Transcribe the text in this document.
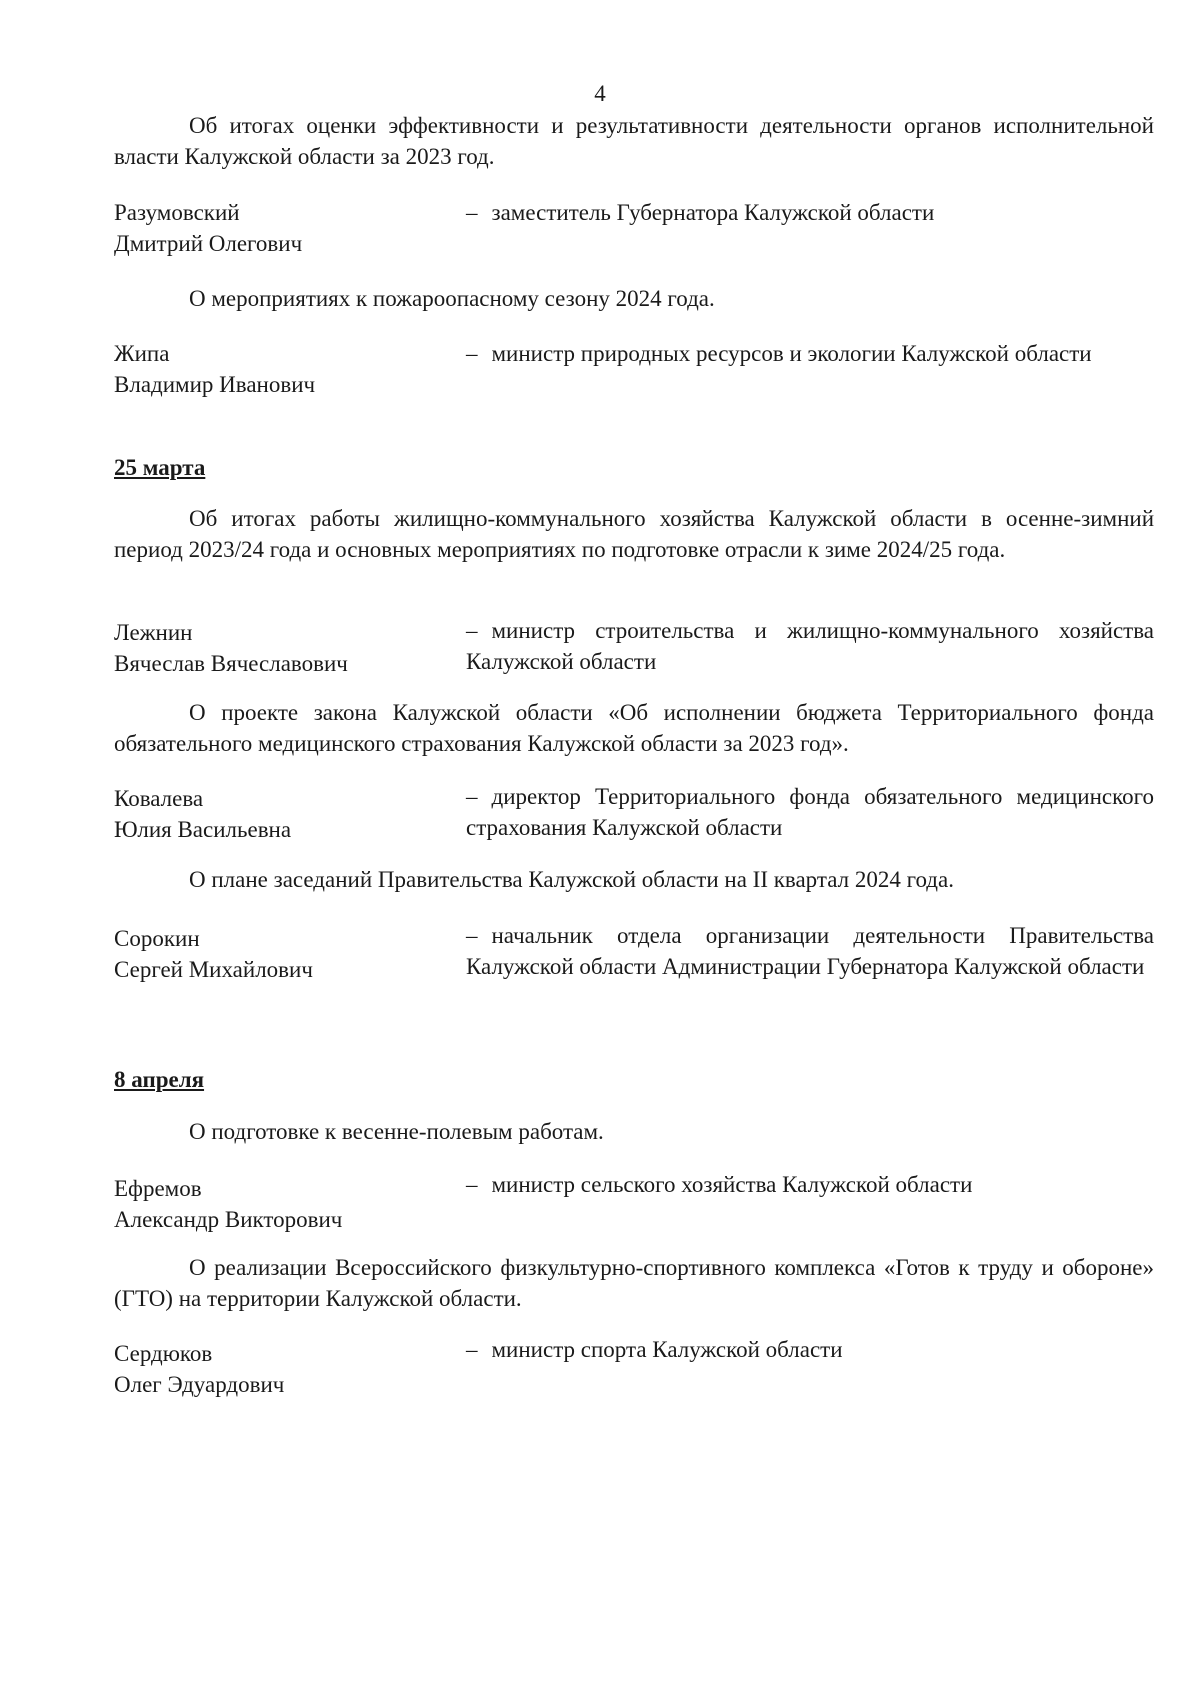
4
Об итогах оценки эффективности и результативности деятельности органов исполнительной власти Калужской области за 2023 год.
Разумовский
Дмитрий Олегович
– заместитель Губернатора Калужской области
О мероприятиях к пожароопасному сезону 2024 года.
Жипа
Владимир Иванович
– министр природных ресурсов и экологии Калужской области
25 марта
Об итогах работы жилищно-коммунального хозяйства Калужской области в осенне-зимний период 2023/24 года и основных мероприятиях по подготовке отрасли к зиме 2024/25 года.
Лежнин
Вячеслав Вячеславович
– министр строительства и жилищно-коммунального хозяйства Калужской области
О проекте закона Калужской области «Об исполнении бюджета Территориального фонда обязательного медицинского страхования Калужской области за 2023 год».
Ковалева
Юлия Васильевна
– директор Территориального фонда обязательного медицинского страхования Калужской области
О плане заседаний Правительства Калужской области на II квартал 2024 года.
Сорокин
Сергей Михайлович
– начальник отдела организации деятельности Правительства Калужской области Администрации Губернатора Калужской области
8 апреля
О подготовке к весенне-полевым работам.
Ефремов
Александр Викторович
– министр сельского хозяйства Калужской области
О реализации Всероссийского физкультурно-спортивного комплекса «Готов к труду и обороне» (ГТО) на территории Калужской области.
Сердюков
Олег Эдуардович
– министр спорта Калужской области
